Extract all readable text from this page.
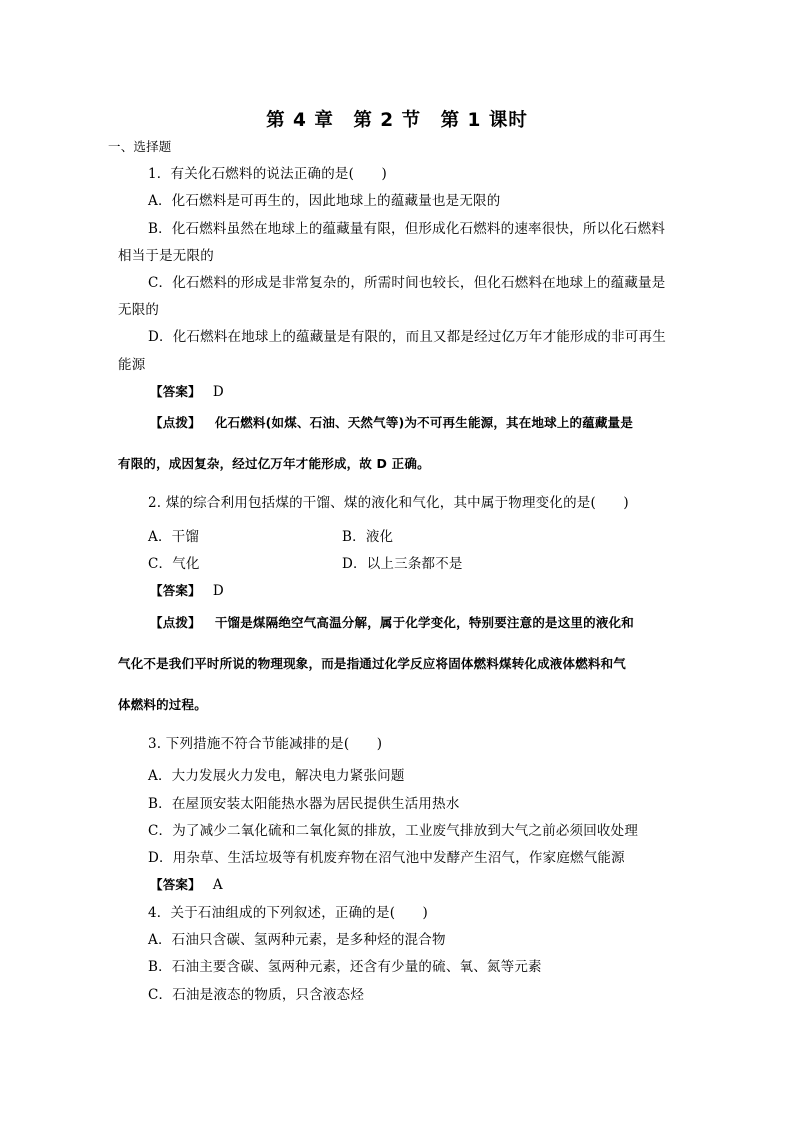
第 4 章　第 2 节　第 1 课时
一、选择题
1．有关化石燃料的说法正确的是(　　)
A．化石燃料是可再生的，因此地球上的蕴藏量也是无限的
B．化石燃料虽然在地球上的蕴藏量有限，但形成化石燃料的速率很快，所以化石燃料
相当于是无限的
C．化石燃料的形成是非常复杂的，所需时间也较长，但化石燃料在地球上的蕴藏量是
无限的
D．化石燃料在地球上的蕴藏量是有限的，而且又都是经过亿万年才能形成的非可再生
能源
【答案】 D
【点拨】 化石燃料(如煤、石油、天然气等)为不可再生能源，其在地球上的蕴藏量是
有限的，成因复杂，经过亿万年才能形成，故 D 正确。
2. 煤的综合利用包括煤的干馏、煤的液化和气化，其中属于物理变化的是(　　)
A．干馏	B．液化
C．气化	D．以上三条都不是
【答案】 D
【点拨】 干馏是煤隔绝空气高温分解，属于化学变化，特别要注意的是这里的液化和
气化不是我们平时所说的物理现象，而是指通过化学反应将固体燃料煤转化成液体燃料和气
体燃料的过程。
3. 下列措施不符合节能减排的是(　　)
A．大力发展火力发电，解决电力紧张问题
B．在屋顶安装太阳能热水器为居民提供生活用热水
C．为了减少二氧化硫和二氧化氮的排放，工业废气排放到大气之前必须回收处理
D．用杂草、生活垃圾等有机废弃物在沼气池中发酵产生沼气，作家庭燃气能源
【答案】 A
4．关于石油组成的下列叙述，正确的是(　　)
A．石油只含碳、氢两种元素，是多种烃的混合物
B．石油主要含碳、氢两种元素，还含有少量的硫、氧、氮等元素
C．石油是液态的物质，只含液态烃
